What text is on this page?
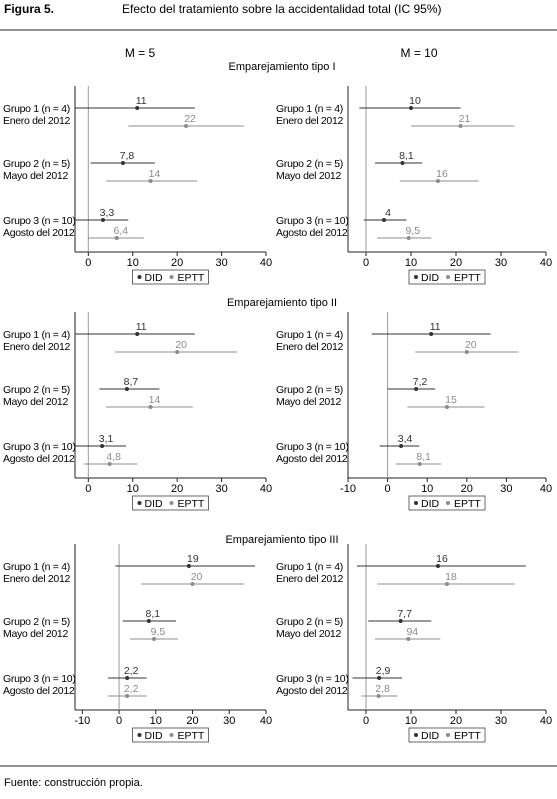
Figura 5.	Efecto del tratamiento sobre la accidentalidad total (IC 95%)
M = 5	M = 10
Emparejamiento tipo I
0	10	20	30	40
Grupo 1 (n = 4)
Enero del 2012
11
22
Grupo 2 (n = 5)
Mayo del 2012
7,8
14
Grupo 3 (n = 10)
Agosto del 2012
3,3
6,4
DID EPTT
0	10	20	30	40
Grupo 1 (n = 4)
Enero del 2012
10
21
Grupo 2 (n = 5)
Mayo del 2012
8,1
16
Grupo 3 (n = 10)
Agosto del 2012
4
9,5
DID EPTT
Emparejamiento tipo II
0	10	20	30	40
Grupo 1 (n = 4)
Enero del 2012
11
20
Grupo 2 (n = 5)
Mayo del 2012
8,7
14
Grupo 3 (n = 10)
Agosto del 2012
3,1
4,8
DID EPTT
-10	0	10 20 30 40
Grupo 1 (n = 4)
Enero del 2012
11
20
Grupo 2 (n = 5)
Mayo del 2012
7,2
15
Grupo 3 (n = 10)
Agosto del 2012
3,4
8,1
DID EPTT
Emparejamiento tipo III
-10 0	10 20 30 40
Grupo 1 (n = 4)
Enero del 2012
19
20
Grupo 2 (n = 5)
Mayo del 2012
8,1
9,5
Grupo 3 (n = 10)
Agosto del 2012
2,2
2,2
DID EPTT
0	10	20	30	40
Grupo 1 (n = 4)
Enero del 2012
16
18
Grupo 2 (n = 5)
Mayo del 2012
7,7
94
Grupo 3 (n = 10)
Agosto del 2012
2,9
2,8
DID EPTT
Fuente: construcción propia.
